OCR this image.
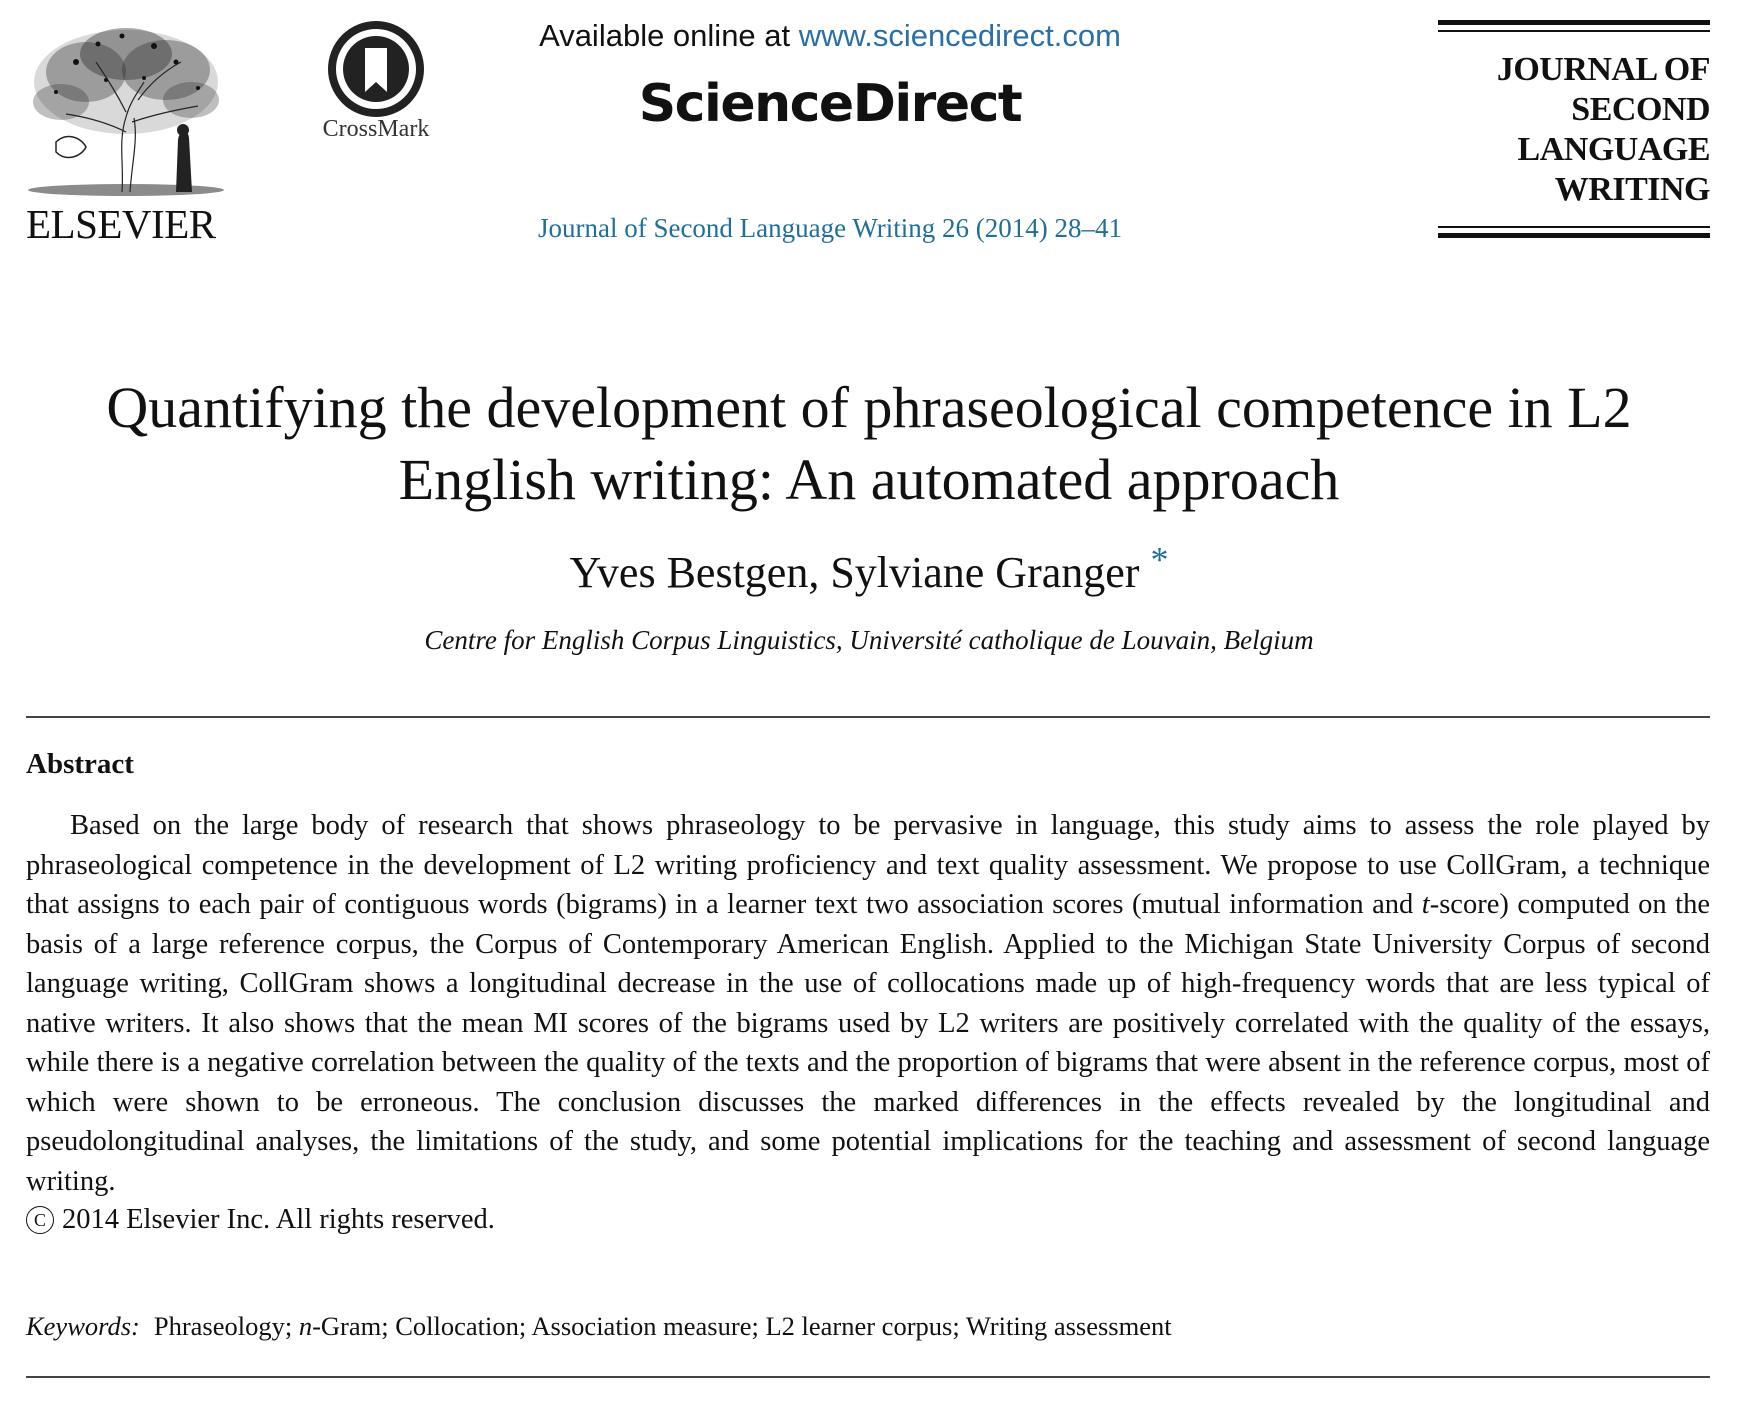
ELSEVIER
CrossMark
Available online at www.sciencedirect.com
ScienceDirect
Journal of Second Language Writing 26 (2014) 28–41
JOURNAL OF
SECOND
LANGUAGE
WRITING
Quantifying the development of phraseological competence in L2 English writing: An automated approach
Yves Bestgen, Sylviane Granger *
Centre for English Corpus Linguistics, Université catholique de Louvain, Belgium
Abstract

Based on the large body of research that shows phraseology to be pervasive in language, this study aims to assess the role played by phraseological competence in the development of L2 writing proficiency and text quality assessment. We propose to use CollGram, a technique that assigns to each pair of contiguous words (bigrams) in a learner text two association scores (mutual information and t-score) computed on the basis of a large reference corpus, the Corpus of Contemporary American English. Applied to the Michigan State University Corpus of second language writing, CollGram shows a longitudinal decrease in the use of collocations made up of high-frequency words that are less typical of native writers. It also shows that the mean MI scores of the bigrams used by L2 writers are positively correlated with the quality of the essays, while there is a negative correlation between the quality of the texts and the proportion of bigrams that were absent in the reference corpus, most of which were shown to be erroneous. The conclusion discusses the marked differences in the effects revealed by the longitudinal and pseudolongitudinal analyses, the limitations of the study, and some potential implications for the teaching and assessment of second language writing.

C 2014 Elsevier Inc. All rights reserved.
Keywords: Phraseology; n-Gram; Collocation; Association measure; L2 learner corpus; Writing assessment
